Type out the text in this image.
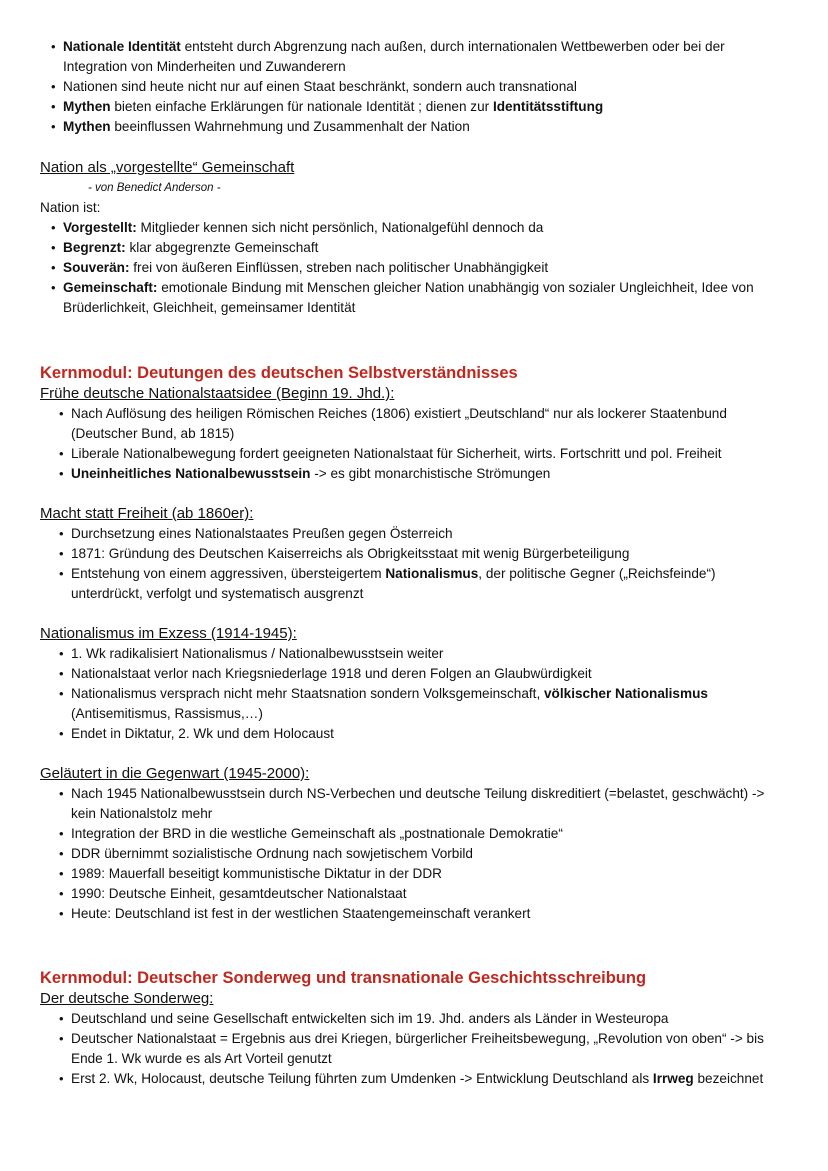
• Nationale Identität entsteht durch Abgrenzung nach außen, durch internationalen Wettbewerben oder bei der Integration von Minderheiten und Zuwanderern
• Nationen sind heute nicht nur auf einen Staat beschränkt, sondern auch transnational
• Mythen bieten einfache Erklärungen für nationale Identität ; dienen zur Identitätsstiftung
• Mythen beeinflussen Wahrnehmung und Zusammenhalt der Nation
Nation als „vorgestellte“ Gemeinschaft
- von Benedict Anderson -
Nation ist:
• Vorgestellt: Mitglieder kennen sich nicht persönlich, Nationalgefühl dennoch da
• Begrenzt: klar abgegrenzte Gemeinschaft
• Souverän: frei von äußeren Einflüssen, streben nach politischer Unabhängigkeit
• Gemeinschaft: emotionale Bindung mit Menschen gleicher Nation unabhängig von sozialer Ungleichheit, Idee von Brüderlichkeit, Gleichheit, gemeinsamer Identität
Kernmodul: Deutungen des deutschen Selbstverständnisses
Frühe deutsche Nationalstaatsidee (Beginn 19. Jhd.):
• Nach Auflösung des heiligen Römischen Reiches (1806) existiert „Deutschland“ nur als lockerer Staatenbund (Deutscher Bund, ab 1815)
• Liberale Nationalbewegung fordert geeigneten Nationalstaat für Sicherheit, wirts. Fortschritt und pol. Freiheit
• Uneinheitliches Nationalbewusstsein -> es gibt monarchistische Strömungen
Macht statt Freiheit (ab 1860er):
• Durchsetzung eines Nationalstaates Preußen gegen Österreich
• 1871: Gründung des Deutschen Kaiserreichs als Obrigkeitsstaat mit wenig Bürgerbeteiligung
• Entstehung von einem aggressiven, übersteigertem Nationalismus, der politische Gegner („Reichsfeinde“) unterdrückt, verfolgt und systematisch ausgrenzt
Nationalismus im Exzess (1914-1945):
• 1. Wk radikalisiert Nationalismus / Nationalbewusstsein weiter
• Nationalstaat verlor nach Kriegsniederlage 1918 und deren Folgen an Glaubwürdigkeit
• Nationalismus versprach nicht mehr Staatsnation sondern Volksgemeinschaft, völkischer Nationalismus (Antisemitismus, Rassismus,…)
• Endet in Diktatur, 2. Wk und dem Holocaust
Geläutert in die Gegenwart (1945-2000):
• Nach 1945 Nationalbewusstsein durch NS-Verbechen und deutsche Teilung diskreditiert (=belastet, geschwächt) -> kein Nationalstolz mehr
• Integration der BRD in die westliche Gemeinschaft als „postnationale Demokratie“
• DDR übernimmt sozialistische Ordnung nach sowjetischem Vorbild
• 1989: Mauerfall beseitigt kommunistische Diktatur in der DDR
• 1990: Deutsche Einheit, gesamtdeutscher Nationalstaat
• Heute: Deutschland ist fest in der westlichen Staatengemeinschaft verankert
Kernmodul: Deutscher Sonderweg und transnationale Geschichtsschreibung
Der deutsche Sonderweg:
• Deutschland und seine Gesellschaft entwickelten sich im 19. Jhd. anders als Länder in Westeuropa
• Deutscher Nationalstaat = Ergebnis aus drei Kriegen, bürgerlicher Freiheitsbewegung, „Revolution von oben“ -> bis Ende 1. Wk wurde es als Art Vorteil genutzt
• Erst 2. Wk, Holocaust, deutsche Teilung führten zum Umdenken -> Entwicklung Deutschland als Irrweg bezeichnet
